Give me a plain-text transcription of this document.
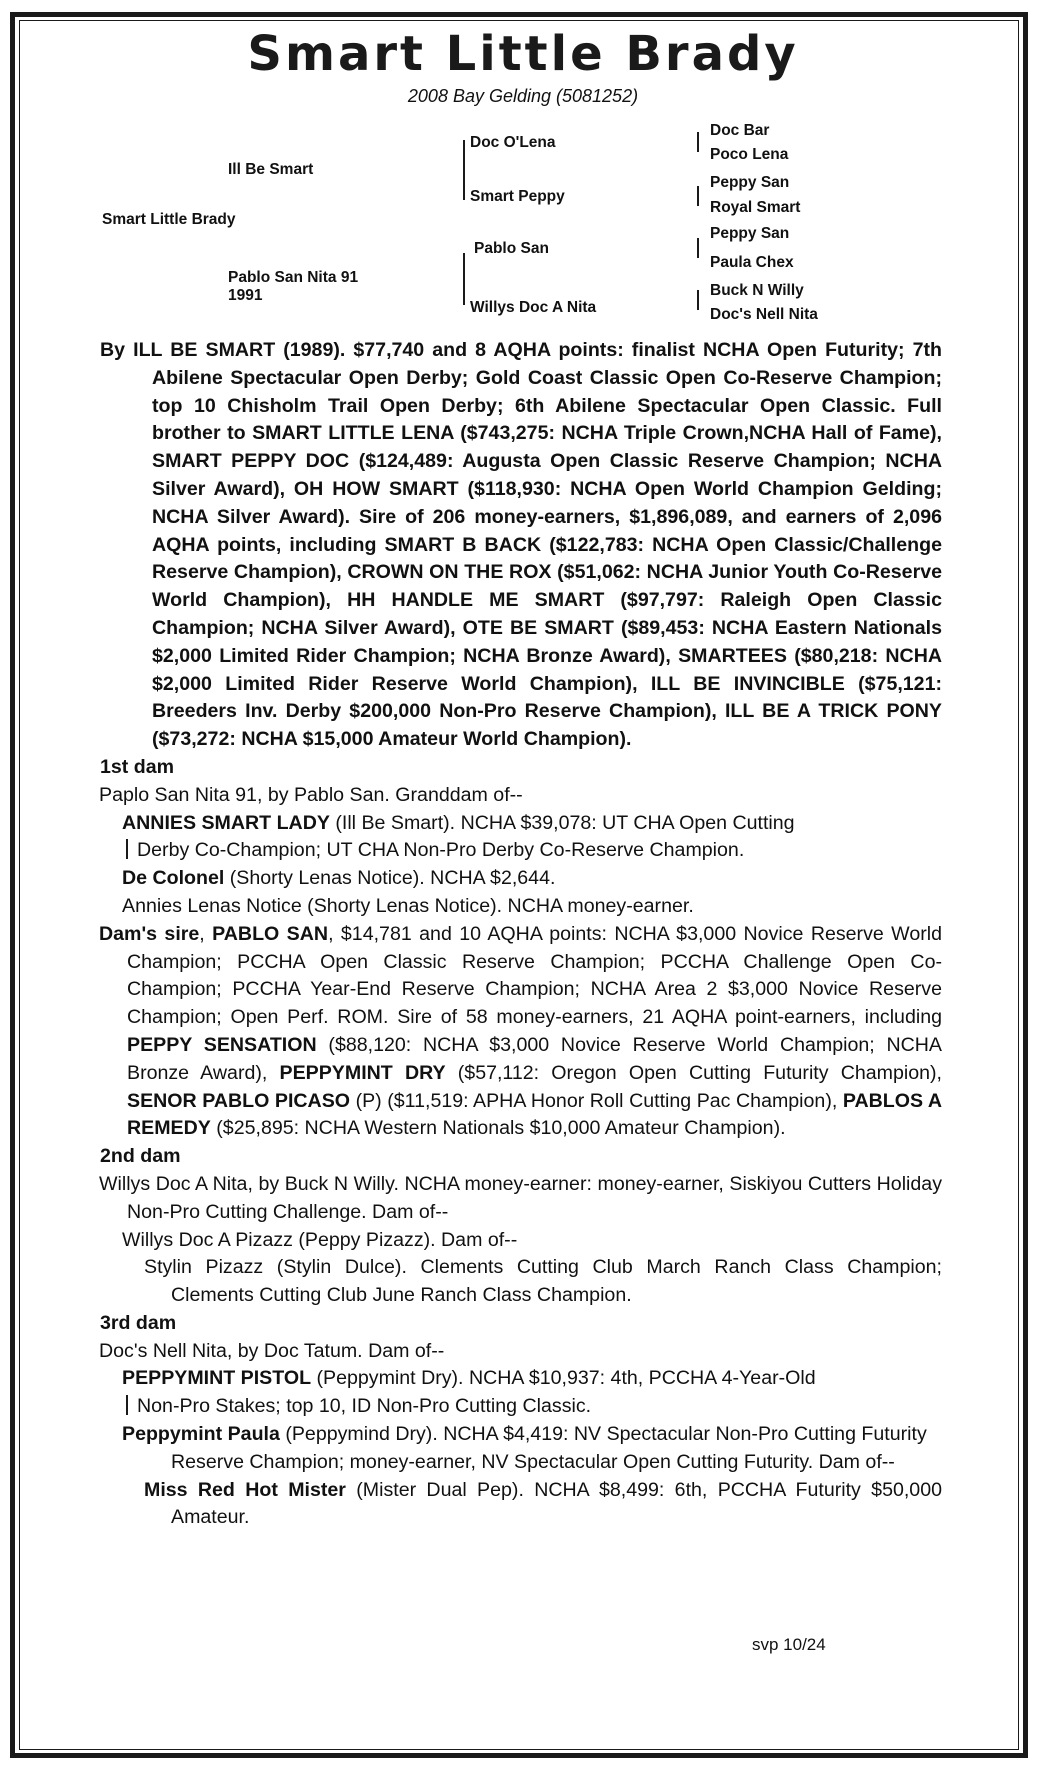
Smart Little Brady

2008 Bay Gelding (5081252)

Smart Little Brady
Ill Be Smart
Pablo San Nita 91
1991
Doc O'Lena
Smart Peppy
Pablo San
Willys Doc A Nita
Doc Bar
Poco Lena
Peppy San
Royal Smart
Peppy San
Paula Chex
Buck N Willy
Doc's Nell Nita

By ILL BE SMART (1989). $77,740 and 8 AQHA points: finalist NCHA Open Futurity; 7th Abilene Spectacular Open Derby; Gold Coast Classic Open Co-Reserve Champion; top 10 Chisholm Trail Open Derby; 6th Abilene Spectacular Open Classic. Full brother to SMART LITTLE LENA ($743,275: NCHA Triple Crown,NCHA Hall of Fame), SMART PEPPY DOC ($124,489: Augusta Open Classic Reserve Champion; NCHA Silver Award), OH HOW SMART ($118,930: NCHA Open World Champion Gelding; NCHA Silver Award). Sire of 206 money-earners, $1,896,089, and earners of 2,096 AQHA points, including SMART B BACK ($122,783: NCHA Open Classic/Challenge Reserve Champion), CROWN ON THE ROX ($51,062: NCHA Junior Youth Co-Reserve World Champion), HH HANDLE ME SMART ($97,797: Raleigh Open Classic Champion; NCHA Silver Award), OTE BE SMART ($89,453: NCHA Eastern Nationals $2,000 Limited Rider Champion; NCHA Bronze Award), SMARTEES ($80,218: NCHA $2,000 Limited Rider Reserve World Champion), ILL BE INVINCIBLE ($75,121: Breeders Inv. Derby $200,000 Non-Pro Reserve Champion), ILL BE A TRICK PONY ($73,272: NCHA $15,000 Amateur World Champion).

1st dam

Paplo San Nita 91, by Pablo San. Granddam of--

ANNIES SMART LADY (Ill Be Smart). NCHA $39,078: UT CHA Open Cutting

Derby Co-Champion; UT CHA Non-Pro Derby Co-Reserve Champion.

De Colonel (Shorty Lenas Notice). NCHA $2,644.

Annies Lenas Notice (Shorty Lenas Notice). NCHA money-earner.

Dam's sire, PABLO SAN, $14,781 and 10 AQHA points: NCHA $3,000 Novice Reserve World Champion; PCCHA Open Classic Reserve Champion; PCCHA Challenge Open Co-Champion; PCCHA Year-End Reserve Champion; NCHA Area 2 $3,000 Novice Reserve Champion; Open Perf. ROM. Sire of 58 money-earners, 21 AQHA point-earners, including PEPPY SENSATION ($88,120: NCHA $3,000 Novice Reserve World Champion; NCHA Bronze Award), PEPPYMINT DRY ($57,112: Oregon Open Cutting Futurity Champion), SENOR PABLO PICASO (P) ($11,519: APHA Honor Roll Cutting Pac Champion), PABLOS A REMEDY ($25,895: NCHA Western Nationals $10,000 Amateur Champion).

2nd dam

Willys Doc A Nita, by Buck N Willy. NCHA money-earner: money-earner, Siskiyou Cutters Holiday Non-Pro Cutting Challenge. Dam of--

Willys Doc A Pizazz (Peppy Pizazz). Dam of--

Stylin Pizazz (Stylin Dulce). Clements Cutting Club March Ranch Class Champion; Clements Cutting Club June Ranch Class Champion.

3rd dam

Doc's Nell Nita, by Doc Tatum. Dam of--

PEPPYMINT PISTOL (Peppymint Dry). NCHA $10,937: 4th, PCCHA 4-Year-Old

Non-Pro Stakes; top 10, ID Non-Pro Cutting Classic.

Peppymint Paula (Peppymind Dry). NCHA $4,419: NV Spectacular Non-Pro Cutting Futurity Reserve Champion; money-earner, NV Spectacular Open Cutting Futurity. Dam of--

Miss Red Hot Mister (Mister Dual Pep). NCHA $8,499: 6th, PCCHA Futurity $50,000 Amateur.

svp 10/24
